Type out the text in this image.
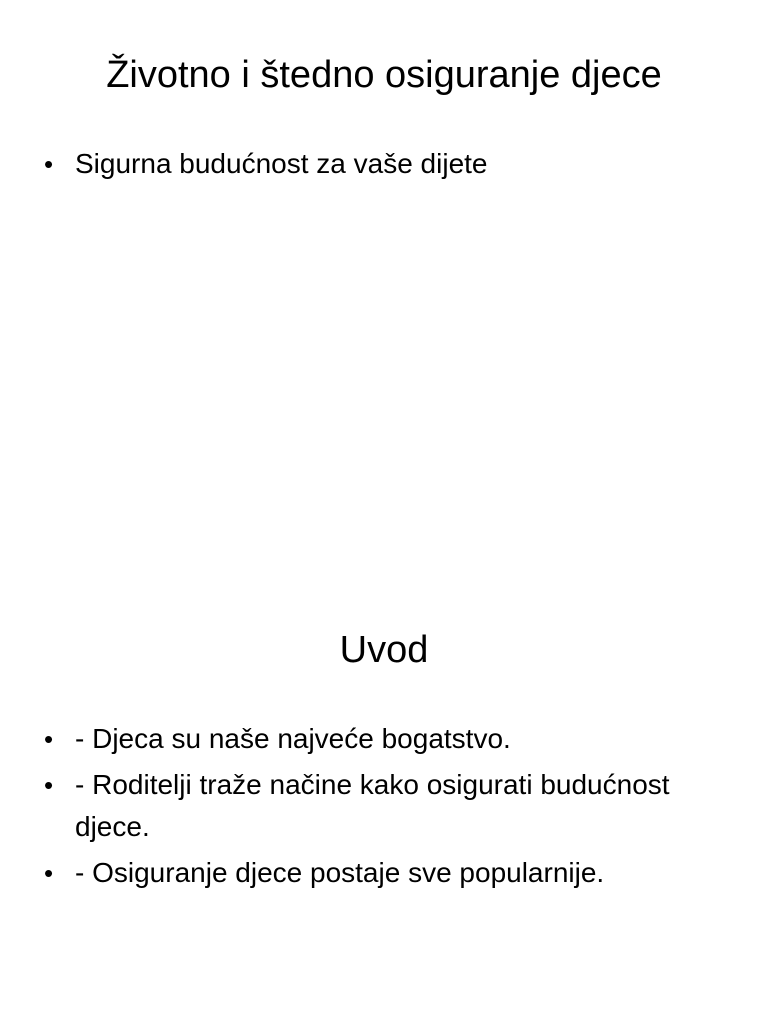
Životno i štedno osiguranje djece
• Sigurna budućnost za vaše dijete
Uvod
• - Djeca su naše najveće bogatstvo.
• - Roditelji traže načine kako osigurati budućnost djece.
• - Osiguranje djece postaje sve popularnije.
